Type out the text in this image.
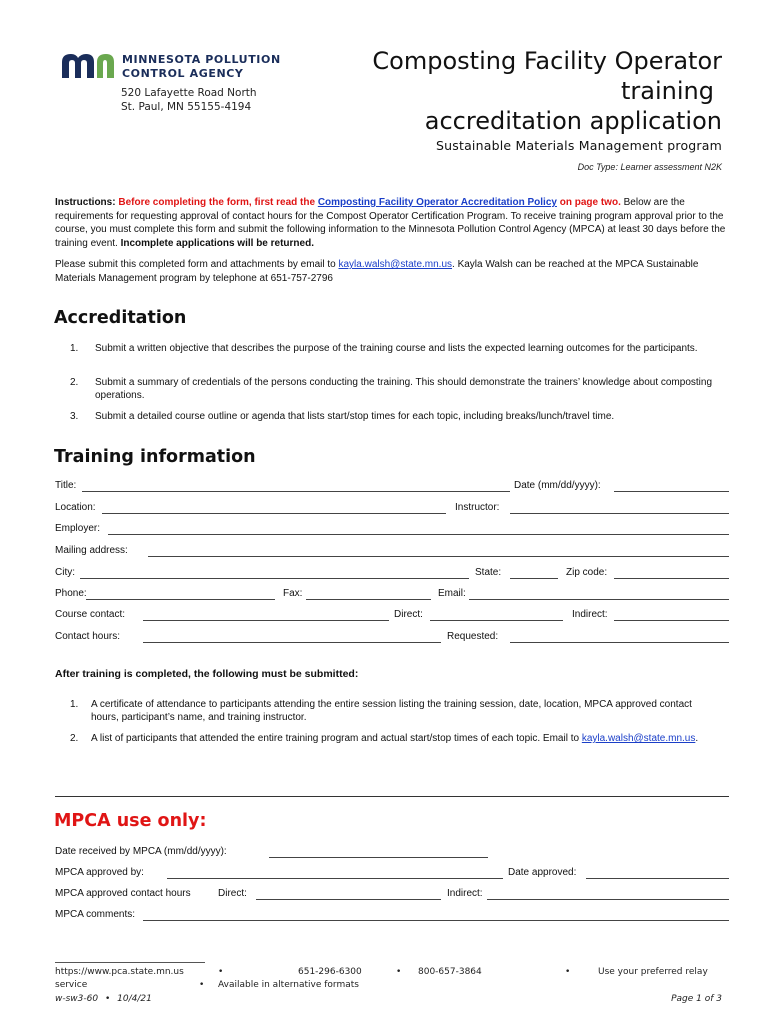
MINNESOTA POLLUTION
CONTROL AGENCY
520 Lafayette Road North
St. Paul, MN 55155-4194
Composting Facility Operator
training
accreditation application
Sustainable Materials Management program
Doc Type: Learner assessment N2K
Instructions: Before completing the form, first read the Composting Facility Operator Accreditation Policy on page two. Below are the requirements for requesting approval of contact hours for the Compost Operator Certification Program. To receive training program approval prior to the course, you must complete this form and submit the following information to the Minnesota Pollution Control Agency (MPCA) at least 30 days before the training event. Incomplete applications will be returned.
Please submit this completed form and attachments by email to kayla.walsh@state.mn.us. Kayla Walsh can be reached at the MPCA Sustainable Materials Management program by telephone at 651-757-2796
Accreditation
1. Submit a written objective that describes the purpose of the training course and lists the expected learning outcomes for the participants.
2. Submit a summary of credentials of the persons conducting the training. This should demonstrate the trainers’ knowledge about composting operations.
3. Submit a detailed course outline or agenda that lists start/stop times for each topic, including breaks/lunch/travel time.
Training information
Title:	Date (mm/dd/yyyy):
Location:	Instructor:
Employer:
Mailing address:
City:	State:	Zip code:
Phone:	Fax:	Email:
Course contact:	Direct:	Indirect:
Contact hours:	Requested:
After training is completed, the following must be submitted:
1. A certificate of attendance to participants attending the entire session listing the training session, date, location, MPCA approved contact hours, participant’s name, and training instructor.
2. A list of participants that attended the entire training program and actual start/stop times of each topic. Email to kayla.walsh@state.mn.us.
MPCA use only:
Date received by MPCA (mm/dd/yyyy):
MPCA approved by:	Date approved:
MPCA approved contact hours	Direct:	Indirect:
MPCA comments:
https://www.pca.state.mn.us	•	651-296-6300	• 800-657-3864	•	Use your preferred relay
service	• Available in alternative formats
w-sw3-60 • 10/4/21	Page 1 of 3
